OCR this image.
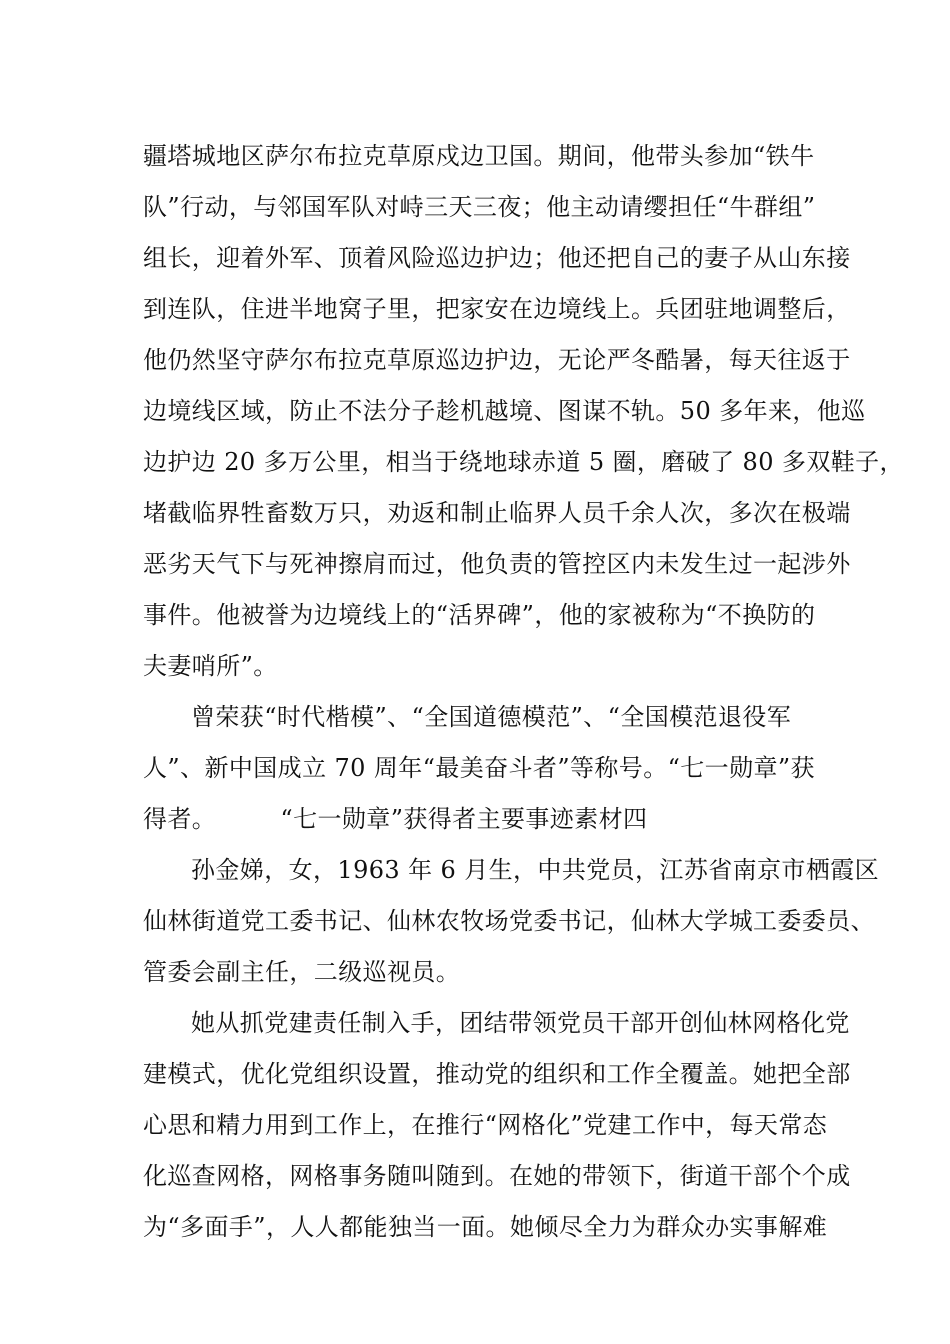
疆塔城地区萨尔布拉克草原戍边卫国。期间，他带头参加“铁牛
队”行动，与邻国军队对峙三天三夜；他主动请缨担任“牛群组”
组长，迎着外军、顶着风险巡边护边；他还把自己的妻子从山东接
到连队，住进半地窝子里，把家安在边境线上。兵团驻地调整后，
他仍然坚守萨尔布拉克草原巡边护边，无论严冬酷暑，每天往返于
边境线区域，防止不法分子趁机越境、图谋不轨。50 多年来，他巡
边护边 20 多万公里，相当于绕地球赤道 5 圈，磨破了 80 多双鞋子，
堵截临界牲畜数万只，劝返和制止临界人员千余人次，多次在极端
恶劣天气下与死神擦肩而过，他负责的管控区内未发生过一起涉外
事件。他被誉为边境线上的“活界碑”，他的家被称为“不换防的
夫妻哨所”。
曾荣获“时代楷模”、“全国道德模范”、“全国模范退役军
人”、新中国成立 70 周年“最美奋斗者”等称号。“七一勋章”获
得者。        “七一勋章”获得者主要事迹素材四
孙金娣，女，1963 年 6 月生，中共党员，江苏省南京市栖霞区
仙林街道党工委书记、仙林农牧场党委书记，仙林大学城工委委员、
管委会副主任，二级巡视员。
她从抓党建责任制入手，团结带领党员干部开创仙林网格化党
建模式，优化党组织设置，推动党的组织和工作全覆盖。她把全部
心思和精力用到工作上，在推行“网格化”党建工作中，每天常态
化巡查网格，网格事务随叫随到。在她的带领下，街道干部个个成
为“多面手”，人人都能独当一面。她倾尽全力为群众办实事解难
